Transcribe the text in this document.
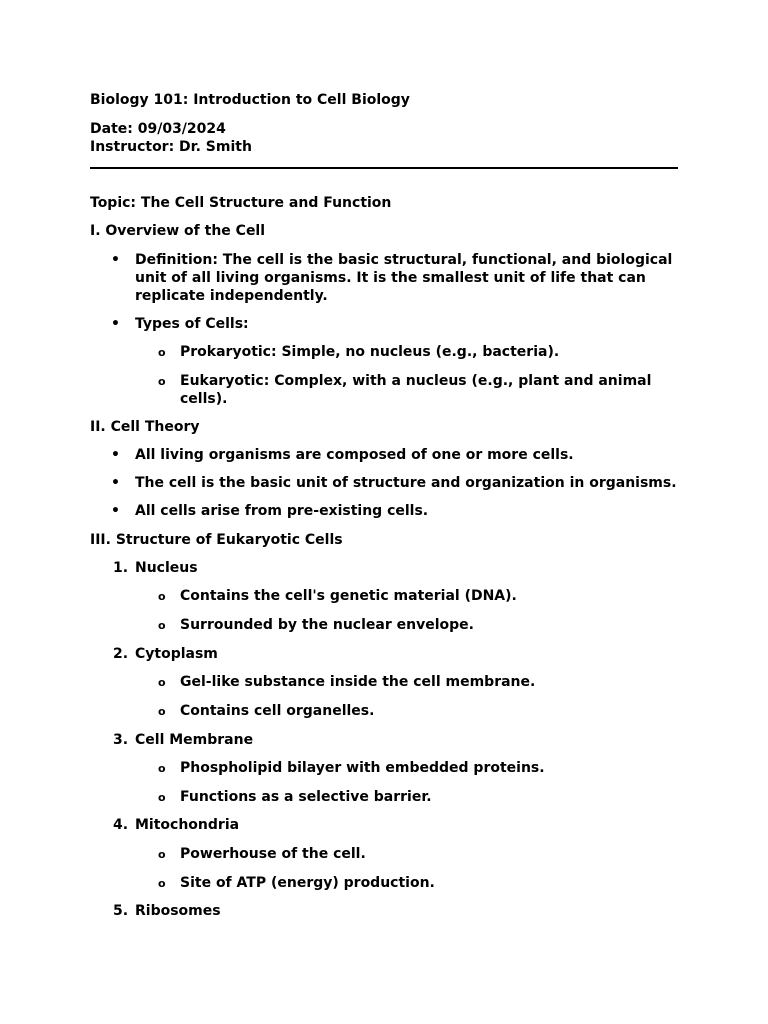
Biology 101: Introduction to Cell Biology
Date: 09/03/2024
Instructor: Dr. Smith
Topic: The Cell Structure and Function
I. Overview of the Cell
• Definition: The cell is the basic structural, functional, and biological unit of all living organisms. It is the smallest unit of life that can replicate independently.
• Types of Cells:
o Prokaryotic: Simple, no nucleus (e.g., bacteria).
o Eukaryotic: Complex, with a nucleus (e.g., plant and animal cells).
II. Cell Theory
• All living organisms are composed of one or more cells.
• The cell is the basic unit of structure and organization in organisms.
• All cells arise from pre-existing cells.
III. Structure of Eukaryotic Cells
1. Nucleus
o Contains the cell's genetic material (DNA).
o Surrounded by the nuclear envelope.
2. Cytoplasm
o Gel-like substance inside the cell membrane.
o Contains cell organelles.
3. Cell Membrane
o Phospholipid bilayer with embedded proteins.
o Functions as a selective barrier.
4. Mitochondria
o Powerhouse of the cell.
o Site of ATP (energy) production.
5. Ribosomes
